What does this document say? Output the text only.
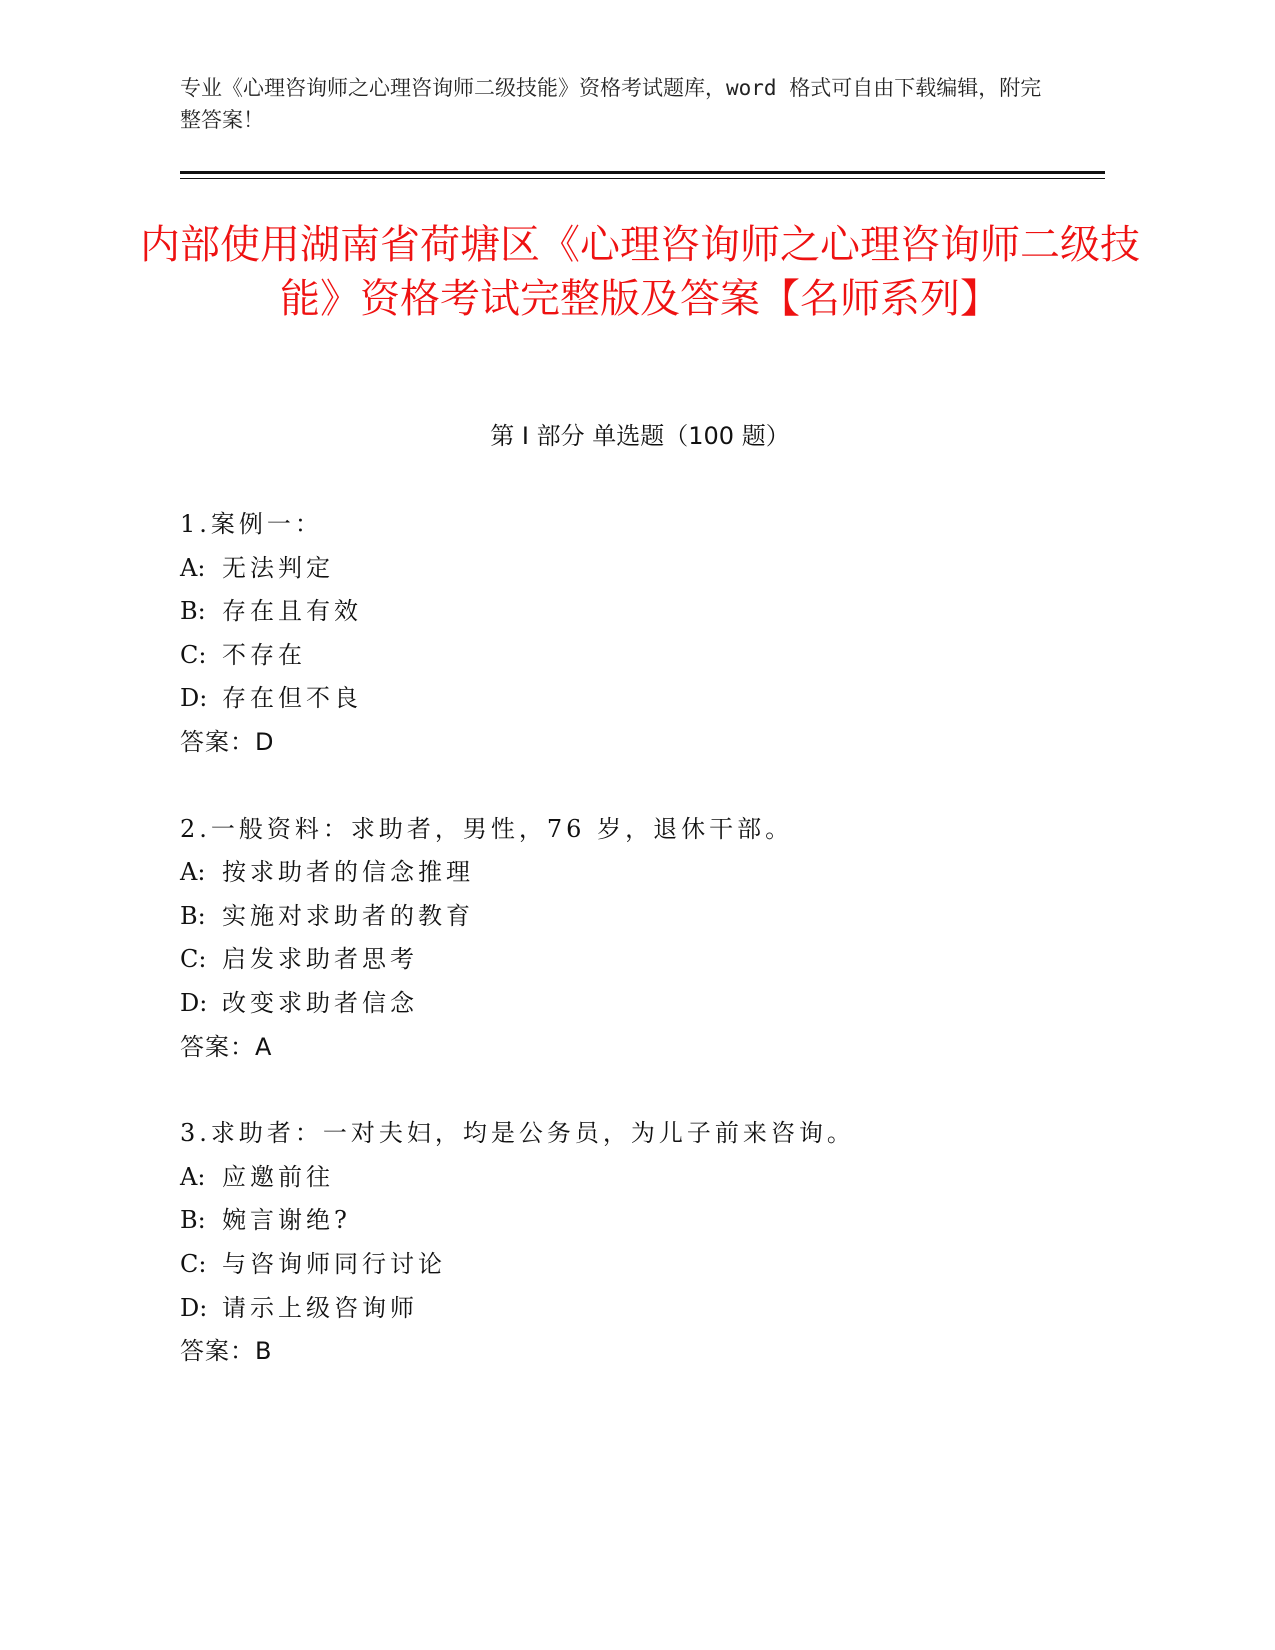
专业《心理咨询师之心理咨询师二级技能》资格考试题库，word 格式可自由下载编辑，附完整答案！
内部使用湖南省荷塘区《心理咨询师之心理咨询师二级技能》资格考试完整版及答案【名师系列】
第 I 部分 单选题（100 题）
1.案例一：
A: 无法判定
B: 存在且有效
C: 不存在
D: 存在但不良
答案：D
2.一般资料：求助者，男性，76 岁，退休干部。
A: 按求助者的信念推理
B: 实施对求助者的教育
C: 启发求助者思考
D: 改变求助者信念
答案：A
3.求助者：一对夫妇，均是公务员，为儿子前来咨询。
A: 应邀前往
B: 婉言谢绝?
C: 与咨询师同行讨论
D: 请示上级咨询师
答案：B
